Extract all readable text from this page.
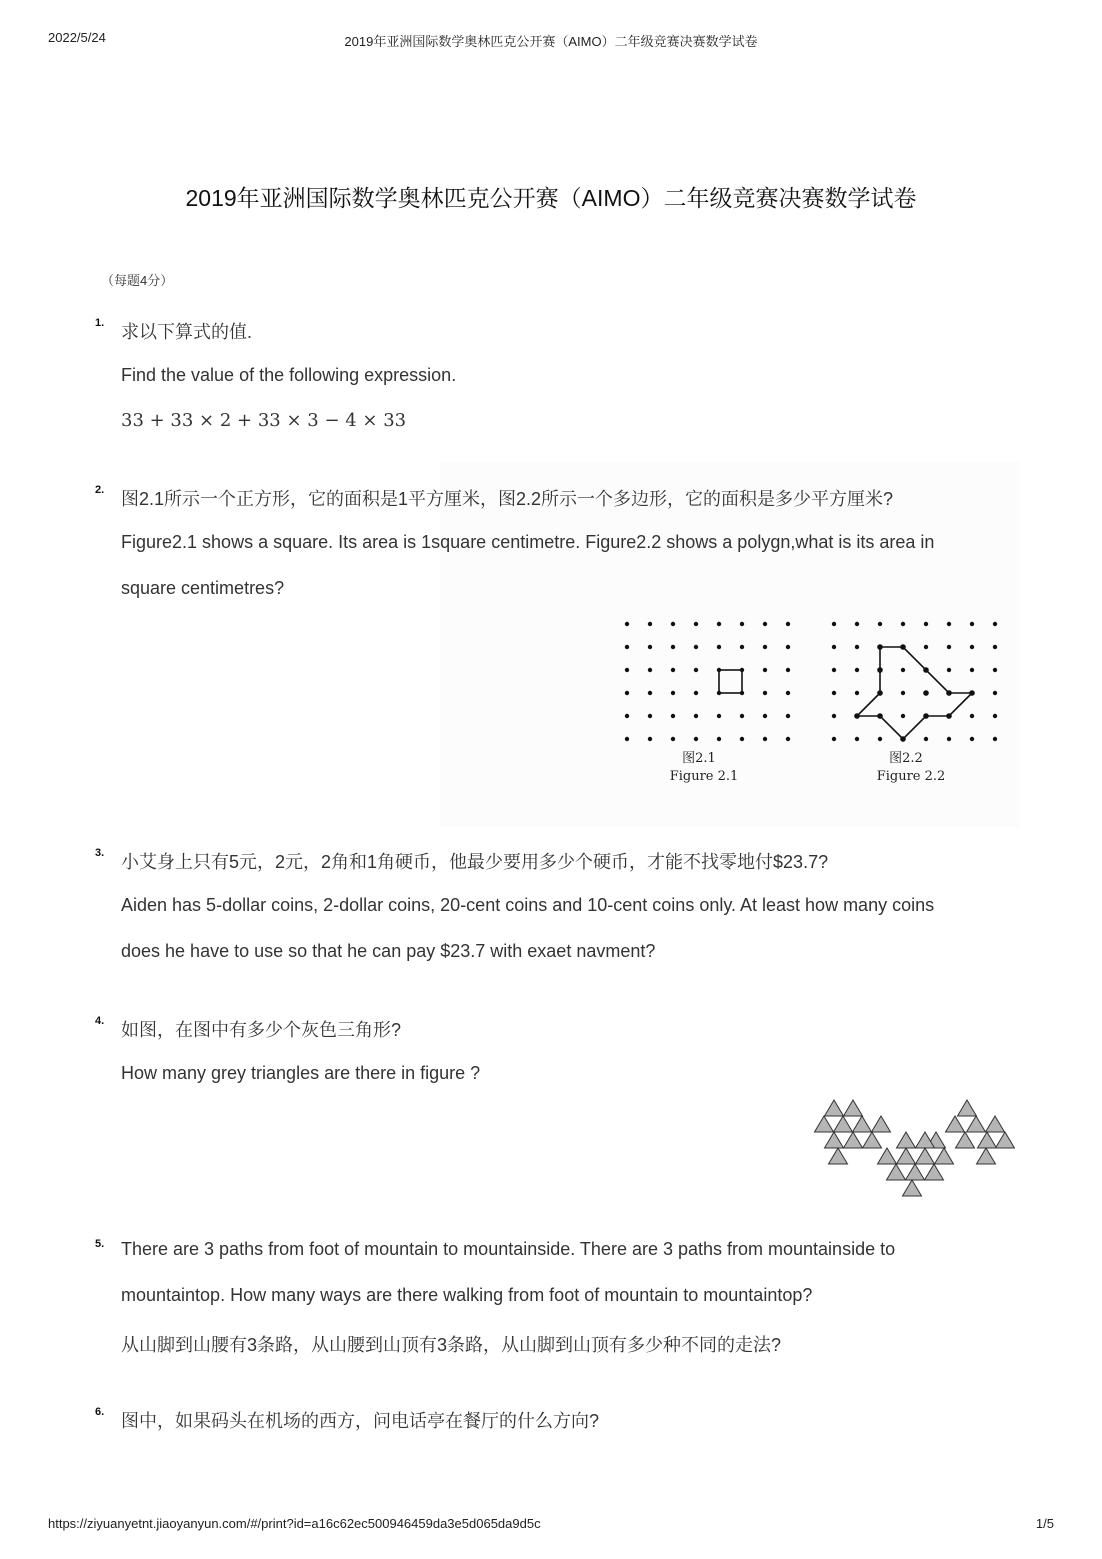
2022/5/24	2019年亚洲国际数学奥林匹克公开赛（AIMO）二年级竞赛决赛数学试卷
2019年亚洲国际数学奥林匹克公开赛（AIMO）二年级竞赛决赛数学试卷
（每题4分）
1. 求以下算式的值.
Find the value of the following expression.
33 + 33 × 2 + 33 × 3 − 4 × 33
2. 图2.1所示一个正方形，它的面积是1平方厘米，图2.2所示一个多边形，它的面积是多少平方厘米?
Figure2.1 shows a square. Its area is 1square centimetre. Figure2.2 shows a polygn,what is its area in
square centimetres?
图2.1
Figure 2.1
图2.2
Figure 2.2
3. 小艾身上只有5元，2元，2角和1角硬币，他最少要用多少个硬币，才能不找零地付$23.7?
Aiden has 5-dollar coins, 2-dollar coins, 20-cent coins and 10-cent coins only. At least how many coins
does he have to use so that he can pay $23.7 with exaet navment?
4. 如图，在图中有多少个灰色三角形?
How many grey triangles are there in figure ?
5. There are 3 paths from foot of mountain to mountainside. There are 3 paths from mountainside to
mountaintop. How many ways are there walking from foot of mountain to mountaintop?
从山脚到山腰有3条路，从山腰到山顶有3条路，从山脚到山顶有多少种不同的走法?
6. 图中，如果码头在机场的西方，问电话亭在餐厅的什么方向?
https://ziyuanyetnt.jiaoyanyun.com/#/print?id=a16c62ec500946459da3e5d065da9d5c	1/5
